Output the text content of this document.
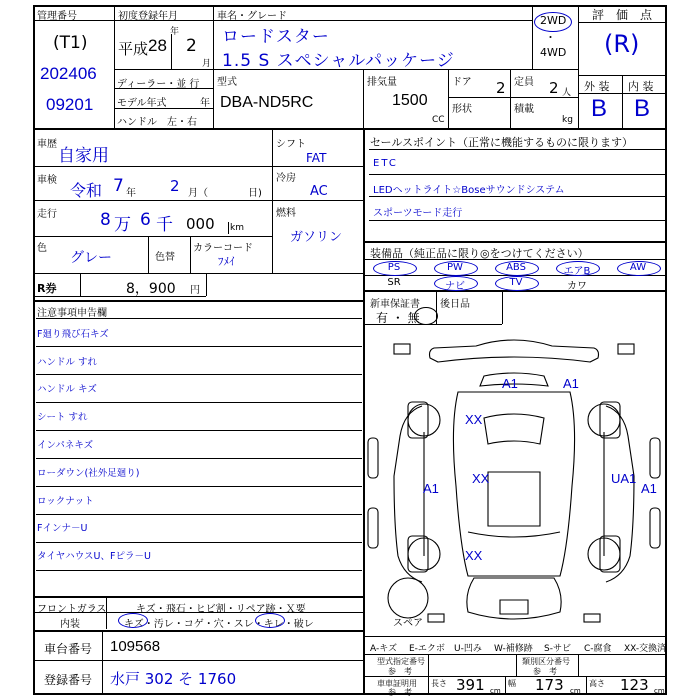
管理番号
(T1)
202406
09201
初度登録年月
平成 28
年
2
月
車名・グレード
ロードスター
1.5 S スペシャルパッケージ
2WD
・
4WD
ディーラー・並 行
モデル年式	年
ハンドル　左・右
型式
DBA-ND5RC
排気量
1500
CC
ドア 2 定員 2 人
形状	積載
kg
評　価　点
(R)
外 装 内 装
B B
車歴
自家用
車検
令和 7 年 2 月（	日)
走行	8 万 6 千 000 km
色
グレー	色替
カラーコード
ﾌﾒｲ
シフト
FAT
冷房
AC
燃料
ガソリン
R券	8，900 円
注意事項申告欄
F廻り飛び石キズ
ハンドル すれ
ハンドル キズ
シート すれ
インパネキズ
ローダウン(社外足廻り)
ロックナット
Fインナ－U
タイヤハウスU、Fピラ－U
フロントガラス	キズ・飛石・ヒビ割・リペア跡・Ｘ要
内装	キズ・汚レ・コゲ・穴・スレ・キレ・破レ
車台番号 109568
登録番号 水戸 302 そ 1760
セールスポイント（正常に機能するものに限ります）
ETC
LEDヘットライト☆Boseサウンドシステム
スポーツモード走行
装備品（純正品に限り◎をつけてください）
PS	PW	ABS	エアB	AW
SR	ナビ	TV	カワ
新車保証書 後日品
有 ・ 無
A1	A1
XX
XX
A1
UA1
A1
XX
スペア
A-キズ E-エクボ U-凹み W-補修跡 S-サビ C-腐食 XX-交換済
型式指定番号
参　考
類別区分番号
参　考
車車証明用
参　考
長さ 391 cm
幅 173 cm
高さ 123 cm
